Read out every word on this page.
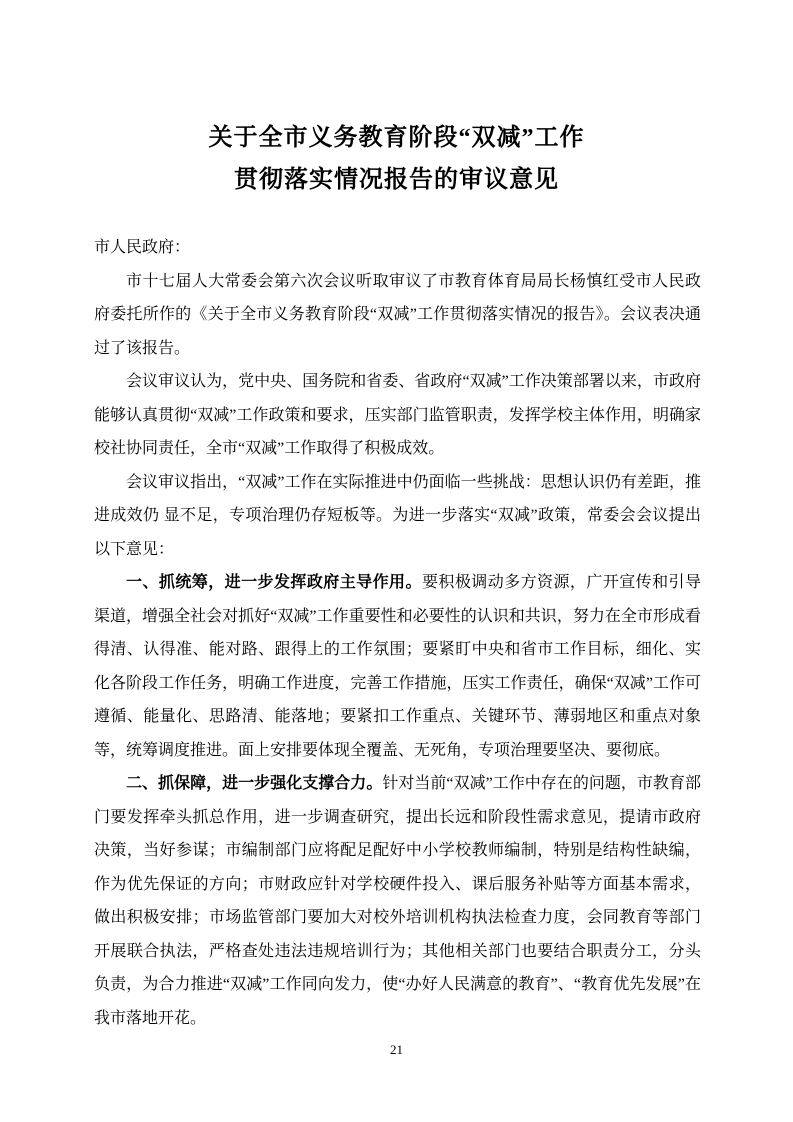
关于全市义务教育阶段“双减”工作
贯彻落实情况报告的审议意见

市人民政府：

市十七届人大常委会第六次会议听取审议了市教育体育局局长杨慎红受市人民政府委托所作的《关于全市义务教育阶段“双减”工作贯彻落实情况的报告》。会议表决通过了该报告。

会议审议认为，党中央、国务院和省委、省政府“双减”工作决策部署以来，市政府能够认真贯彻“双减”工作政策和要求，压实部门监管职责，发挥学校主体作用，明确家校社协同责任，全市“双减”工作取得了积极成效。

会议审议指出，“双减”工作在实际推进中仍面临一些挑战：思想认识仍有差距，推进成效仍 显不足，专项治理仍存短板等。为进一步落实“双减”政策，常委会会议提出以下意见：

一、抓统筹，进一步发挥政府主导作用。要积极调动多方资源，广开宣传和引导渠道，增强全社会对抓好“双减”工作重要性和必要性的认识和共识，努力在全市形成看得清、认得准、能对路、跟得上的工作氛围；要紧盯中央和省市工作目标，细化、实化各阶段工作任务，明确工作进度，完善工作措施，压实工作责任，确保“双减”工作可遵循、能量化、思路清、能落地；要紧扣工作重点、关键环节、薄弱地区和重点对象等，统筹调度推进。面上安排要体现全覆盖、无死角，专项治理要坚决、要彻底。

二、抓保障，进一步强化支撑合力。针对当前“双减”工作中存在的问题，市教育部门要发挥牵头抓总作用，进一步调查研究，提出长远和阶段性需求意见，提请市政府决策，当好参谋；市编制部门应将配足配好中小学校教师编制，特别是结构性缺编，作为优先保证的方向；市财政应针对学校硬件投入、课后服务补贴等方面基本需求，做出积极安排；市场监管部门要加大对校外培训机构执法检查力度，会同教育等部门开展联合执法，严格查处违法违规培训行为；其他相关部门也要结合职责分工，分头负责，为合力推进“双减”工作同向发力，使“办好人民满意的教育”、“教育优先发展”在我市落地开花。

21
